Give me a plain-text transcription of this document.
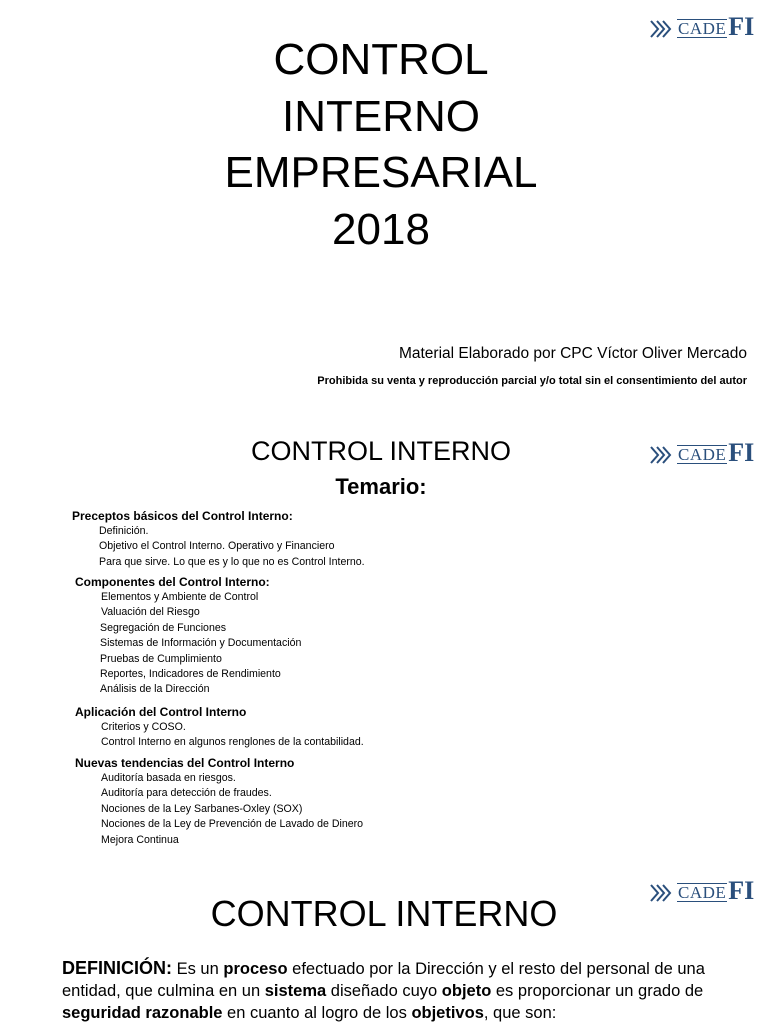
CADE FI
CONTROL
INTERNO
EMPRESARIAL
2018
Material Elaborado por CPC Víctor Oliver Mercado
Prohibida su venta y reproducción parcial y/o total sin el consentimiento del autor
CADE FI
CONTROL INTERNO
Temario:
Preceptos básicos del Control Interno:
Definición.
Objetivo el Control Interno. Operativo y Financiero
Para que sirve. Lo que es y lo que no es Control Interno.
Componentes del Control Interno:
Elementos y Ambiente de Control
Valuación del Riesgo
Segregación de Funciones
Sistemas de Información y Documentación
Pruebas de Cumplimiento
Reportes, Indicadores de Rendimiento
Análisis de la Dirección
Aplicación del Control Interno
Criterios y COSO.
Control Interno en algunos renglones de la contabilidad.
Nuevas tendencias del Control Interno
Auditoría basada en riesgos.
Auditoría para detección de fraudes.
Nociones de la Ley Sarbanes-Oxley (SOX)
Nociones de la Ley de Prevención de Lavado de Dinero
Mejora Continua
CADE FI
CONTROL INTERNO
DEFINICIÓN: Es un proceso efectuado por la Dirección y el resto del personal de una entidad, que culmina en un sistema diseñado cuyo objeto es proporcionar un grado de seguridad razonable en cuanto al logro de los objetivos, que son:
